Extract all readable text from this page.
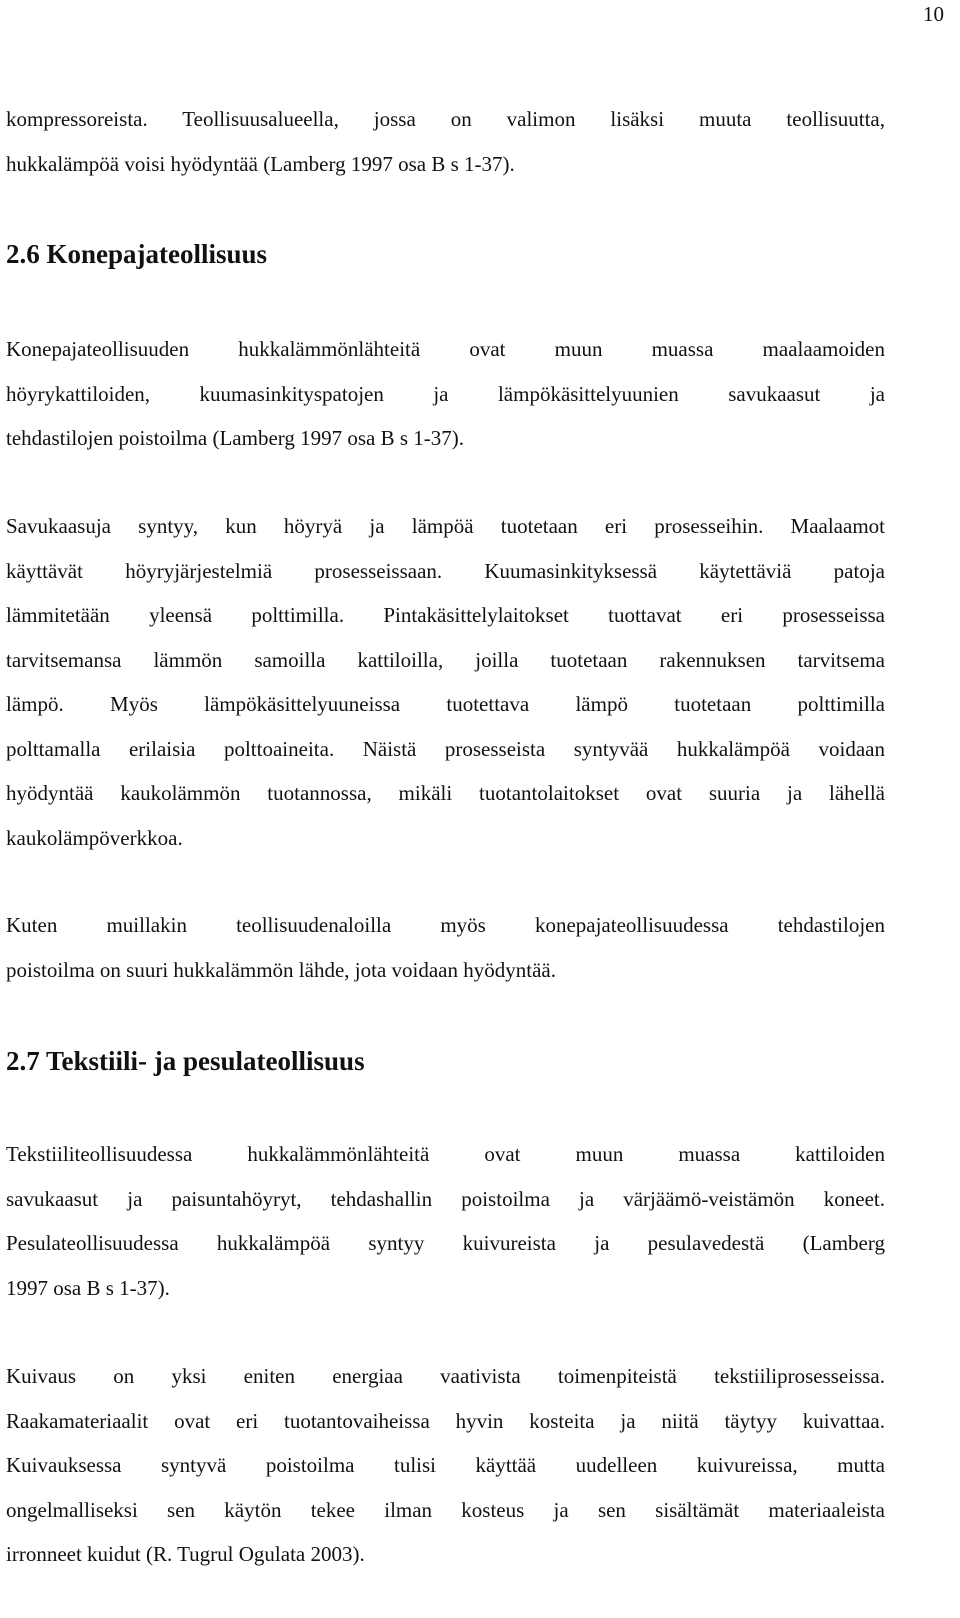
10
kompressoreista. Teollisuusalueella, jossa on valimon lisäksi muuta teollisuutta,
hukkalämpöä voisi hyödyntää (Lamberg 1997 osa B s 1-37).
2.6 Konepajateollisuus
Konepajateollisuuden hukkalämmönlähteitä ovat muun muassa maalaamoiden
höyrykattiloiden, kuumasinkityspatojen ja lämpökäsittelyuunien savukaasut ja
tehdastilojen poistoilma (Lamberg 1997 osa B s 1-37).
Savukaasuja syntyy, kun höyryä ja lämpöä tuotetaan eri prosesseihin. Maalaamot
käyttävät höyryjärjestelmiä prosesseissaan. Kuumasinkityksessä käytettäviä patoja
lämmitetään yleensä polttimilla. Pintakäsittelylaitokset tuottavat eri prosesseissa
tarvitsemansa lämmön samoilla kattiloilla, joilla tuotetaan rakennuksen tarvitsema
lämpö. Myös lämpökäsittelyuuneissa tuotettava lämpö tuotetaan polttimilla
polttamalla erilaisia polttoaineita. Näistä prosesseista syntyvää hukkalämpöä voidaan
hyödyntää kaukolämmön tuotannossa, mikäli tuotantolaitokset ovat suuria ja lähellä
kaukolämpöverkkoa.
Kuten muillakin teollisuudenaloilla myös konepajateollisuudessa tehdastilojen
poistoilma on suuri hukkalämmön lähde, jota voidaan hyödyntää.
2.7 Tekstiili- ja pesulateollisuus
Tekstiiliteollisuudessa hukkalämmönlähteitä ovat muun muassa kattiloiden
savukaasut ja paisuntahöyryt, tehdashallin poistoilma ja värjäämö-veistämön koneet.
Pesulateollisuudessa hukkalämpöä syntyy kuivureista ja pesulavedestä (Lamberg
1997 osa B s 1-37).
Kuivaus on yksi eniten energiaa vaativista toimenpiteistä tekstiiliprosesseissa.
Raakamateriaalit ovat eri tuotantovaiheissa hyvin kosteita ja niitä täytyy kuivattaa.
Kuivauksessa syntyvä poistoilma tulisi käyttää uudelleen kuivureissa, mutta
ongelmalliseksi sen käytön tekee ilman kosteus ja sen sisältämät materiaaleista
irronneet kuidut (R. Tugrul Ogulata 2003).
